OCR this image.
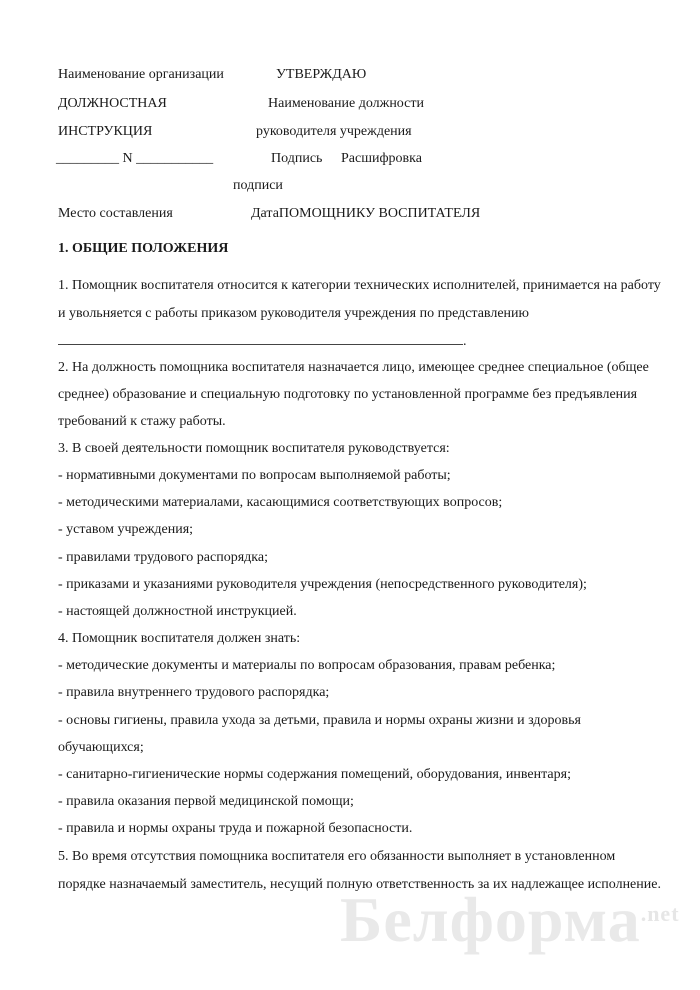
Наименование организации	УТВЕРЖДАЮ
ДОЛЖНОСТНАЯ	Наименование должности
ИНСТРУКЦИЯ	руководителя учреждения
_________ N ___________	Подпись Расшифровка
подписи
Место составления	ДатаПОМОЩНИКУ ВОСПИТАТЕЛЯ
1. ОБЩИЕ ПОЛОЖЕНИЯ
1. Помощник воспитателя относится к категории технических исполнителей, принимается на работу
и увольняется с работы приказом руководителя учреждения по представлению
.
2. На должность помощника воспитателя назначается лицо, имеющее среднее специальное (общее
среднее) образование и специальную подготовку по установленной программе без предъявления
требований к стажу работы.
3. В своей деятельности помощник воспитателя руководствуется:
- нормативными документами по вопросам выполняемой работы;
- методическими материалами, касающимися соответствующих вопросов;
- уставом учреждения;
- правилами трудового распорядка;
- приказами и указаниями руководителя учреждения (непосредственного руководителя);
- настоящей должностной инструкцией.
4. Помощник воспитателя должен знать:
- методические документы и материалы по вопросам образования, правам ребенка;
- правила внутреннего трудового распорядка;
- основы гигиены, правила ухода за детьми, правила и нормы охраны жизни и здоровья
обучающихся;
- санитарно-гигиенические нормы содержания помещений, оборудования, инвентаря;
- правила оказания первой медицинской помощи;
- правила и нормы охраны труда и пожарной безопасности.
5. Во время отсутствия помощника воспитателя его обязанности выполняет в установленном
порядке назначаемый заместитель, несущий полную ответственность за их надлежащее исполнение.
Белформа$^{.net}$
